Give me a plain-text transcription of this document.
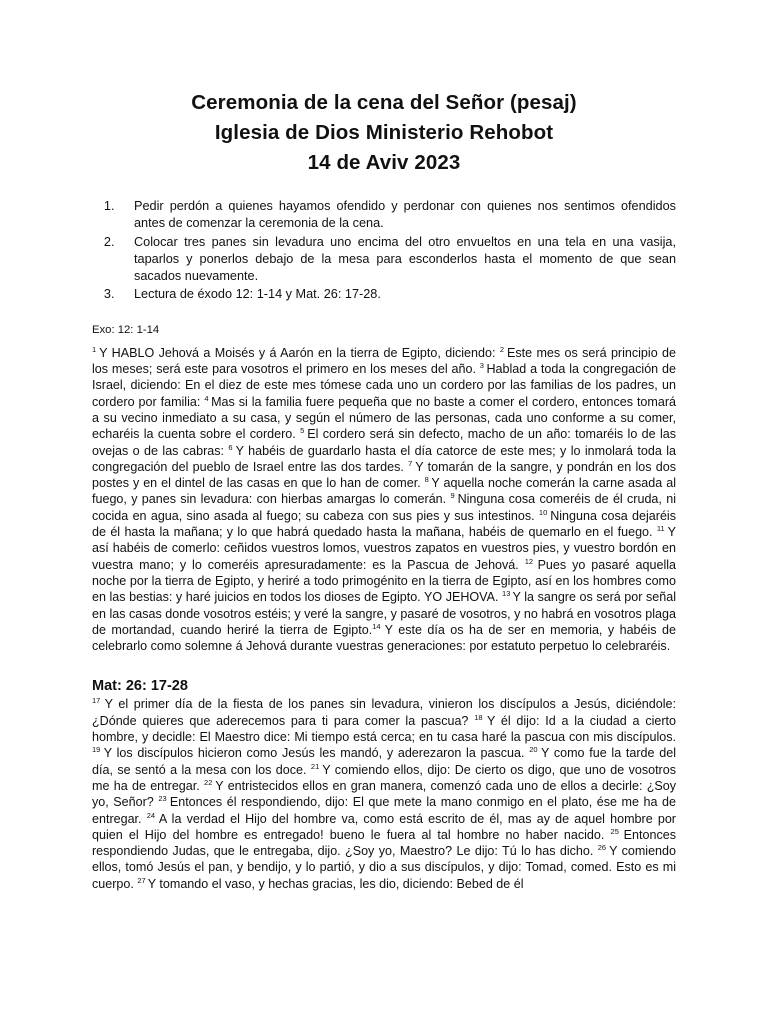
Ceremonia de la cena del Señor (pesaj)
Iglesia de Dios Ministerio Rehobot
14 de Aviv 2023
1. Pedir perdón a quienes hayamos ofendido y perdonar con quienes nos sentimos ofendidos antes de comenzar la ceremonia de la cena.
2. Colocar tres panes sin levadura uno encima del otro envueltos en una tela en una vasija, taparlos y ponerlos debajo de la mesa para esconderlos hasta el momento de que sean sacados nuevamente.
3. Lectura de éxodo 12: 1-14 y Mat. 26: 17-28.
Exo: 12: 1-14
$^1$ Y HABLO Jehová a Moisés y á Aarón en la tierra de Egipto, diciendo: $^2$ Este mes os será principio de los meses; será este para vosotros el primero en los meses del año. $^3$ Hablad a toda la congregación de Israel, diciendo: En el diez de este mes tómese cada uno un cordero por las familias de los padres, un cordero por familia: $^4$ Mas si la familia fuere pequeña que no baste a comer el cordero, entonces tomará a su vecino inmediato a su casa, y según el número de las personas, cada uno conforme a su comer, echaréis la cuenta sobre el cordero. $^5$ El cordero será sin defecto, macho de un año: tomaréis lo de las ovejas o de las cabras: $^6$ Y habéis de guardarlo hasta el día catorce de este mes; y lo inmolará toda la congregación del pueblo de Israel entre las dos tardes. $^7$ Y tomarán de la sangre, y pondrán en los dos postes y en el dintel de las casas en que lo han de comer. $^8$ Y aquella noche comerán la carne asada al fuego, y panes sin levadura: con hierbas amargas lo comerán. $^9$ Ninguna cosa comeréis de él cruda, ni cocida en agua, sino asada al fuego; su cabeza con sus pies y sus intestinos. $^{10}$ Ninguna cosa dejaréis de él hasta la mañana; y lo que habrá quedado hasta la mañana, habéis de quemarlo en el fuego. $^{11}$ Y así habéis de comerlo: ceñidos vuestros lomos, vuestros zapatos en vuestros pies, y vuestro bordón en vuestra mano; y lo comeréis apresuradamente: es la Pascua de Jehová. $^{12}$ Pues yo pasaré aquella noche por la tierra de Egipto, y heriré a todo primogénito en la tierra de Egipto, así en los hombres como en las bestias: y haré juicios en todos los dioses de Egipto. YO JEHOVA. $^{13}$ Y la sangre os será por señal en las casas donde vosotros estéis; y veré la sangre, y pasaré de vosotros, y no habrá en vosotros plaga de mortandad, cuando heriré la tierra de Egipto.$^{14}$ Y este día os ha de ser en memoria, y habéis de celebrarlo como solemne á Jehová durante vuestras generaciones: por estatuto perpetuo lo celebraréis.
Mat: 26: 17-28
$^{17}$ Y el primer día de la fiesta de los panes sin levadura, vinieron los discípulos a Jesús, diciéndole: ¿Dónde quieres que aderecemos para ti para comer la pascua? $^{18}$ Y él dijo: Id a la ciudad a cierto hombre, y decidle: El Maestro dice: Mi tiempo está cerca; en tu casa haré la pascua con mis discípulos. $^{19}$ Y los discípulos hicieron como Jesús les mandó, y aderezaron la pascua. $^{20}$ Y como fue la tarde del día, se sentó a la mesa con los doce. $^{21}$ Y comiendo ellos, dijo: De cierto os digo, que uno de vosotros me ha de entregar. $^{22}$ Y entristecidos ellos en gran manera, comenzó cada uno de ellos a decirle: ¿Soy yo, Señor? $^{23}$ Entonces él respondiendo, dijo: El que mete la mano conmigo en el plato, ése me ha de entregar. $^{24}$ A la verdad el Hijo del hombre va, como está escrito de él, mas ay de aquel hombre por quien el Hijo del hombre es entregado! bueno le fuera al tal hombre no haber nacido. $^{25}$ Entonces respondiendo Judas, que le entregaba, dijo. ¿Soy yo, Maestro? Le dijo: Tú lo has dicho. $^{26}$ Y comiendo ellos, tomó Jesús el pan, y bendijo, y lo partió, y dio a sus discípulos, y dijo: Tomad, comed. Esto es mi cuerpo. $^{27}$ Y tomando el vaso, y hechas gracias, les dio, diciendo: Bebed de él
